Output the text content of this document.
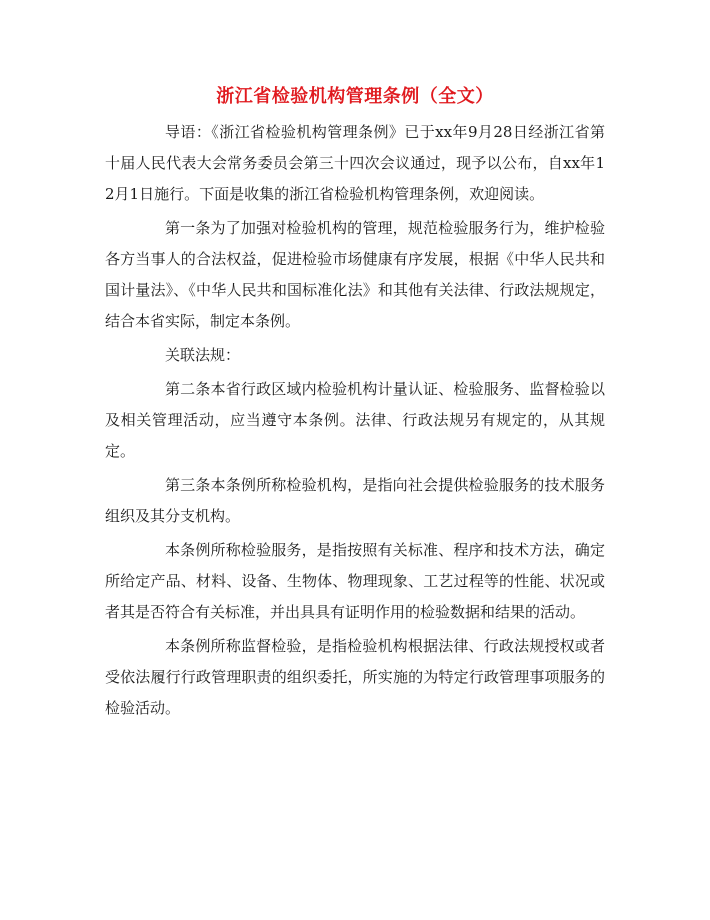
浙江省检验机构管理条例（全文）

导语：《浙江省检验机构管理条例》已于xx年9月28日经浙江省第十届人民代表大会常务委员会第三十四次会议通过，现予以公布，自xx年12月1日施行。下面是收集的浙江省检验机构管理条例，欢迎阅读。

第一条为了加强对检验机构的管理，规范检验服务行为，维护检验各方当事人的合法权益，促进检验市场健康有序发展，根据《中华人民共和国计量法》、《中华人民共和国标准化法》和其他有关法律、行政法规规定，结合本省实际，制定本条例。

关联法规：

第二条本省行政区域内检验机构计量认证、检验服务、监督检验以及相关管理活动，应当遵守本条例。法律、行政法规另有规定的，从其规定。

第三条本条例所称检验机构，是指向社会提供检验服务的技术服务组织及其分支机构。

本条例所称检验服务，是指按照有关标准、程序和技术方法，确定所给定产品、材料、设备、生物体、物理现象、工艺过程等的性能、状况或者其是否符合有关标准，并出具具有证明作用的检验数据和结果的活动。

本条例所称监督检验，是指检验机构根据法律、行政法规授权或者受依法履行行政管理职责的组织委托，所实施的为特定行政管理事项服务的检验活动。
